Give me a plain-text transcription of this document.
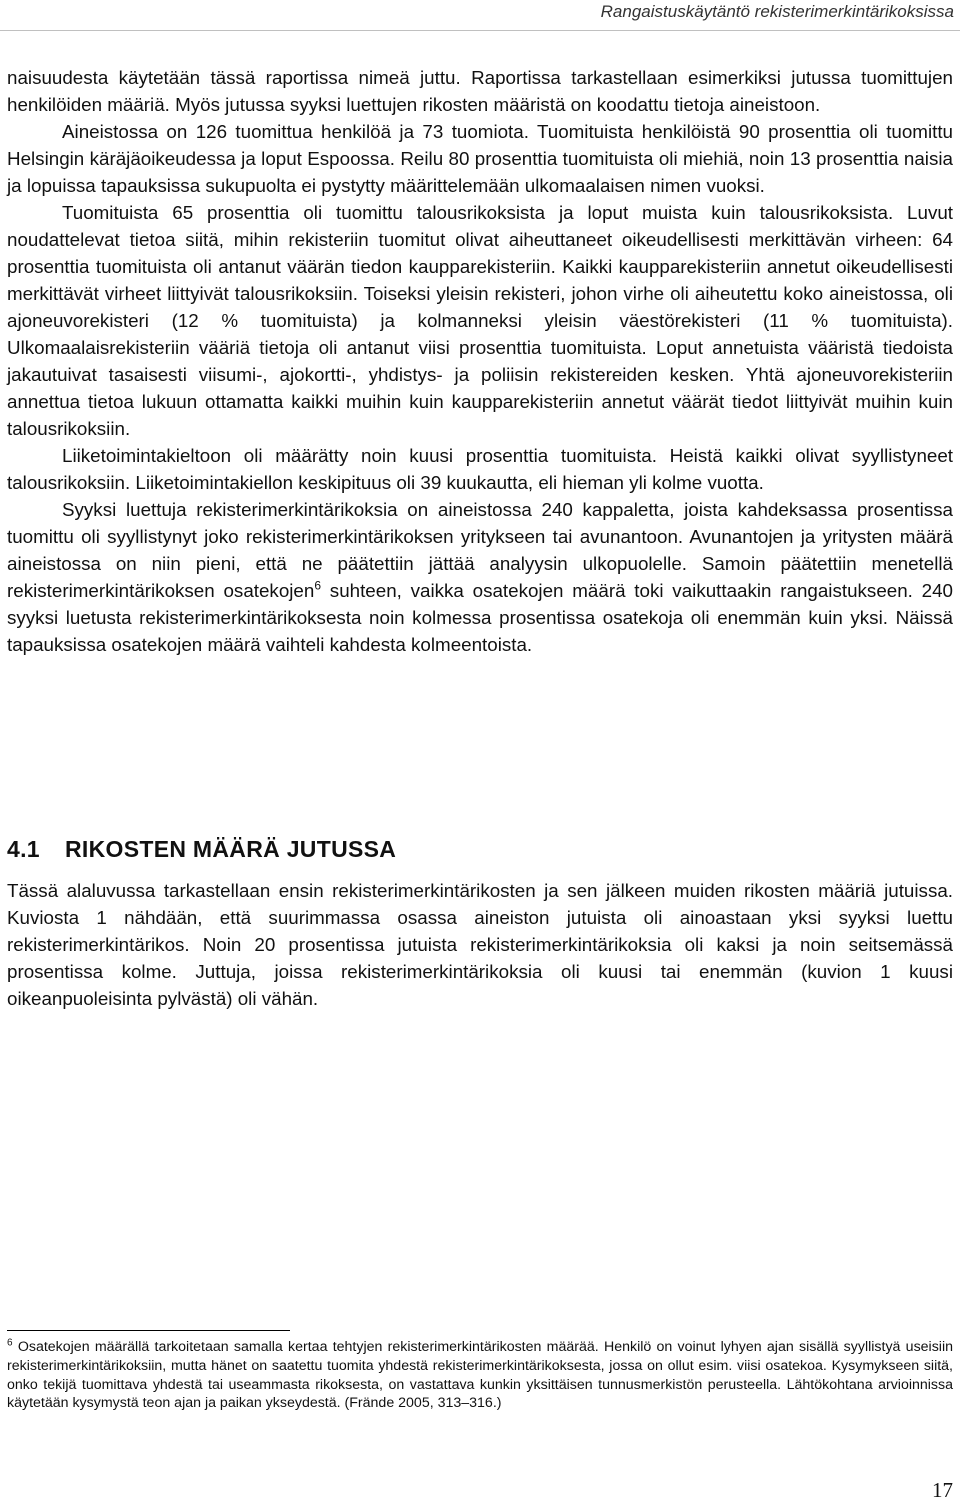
Rangaistuskäytäntö rekisterimerkintärikoksissa

naisuudesta käytetään tässä raportissa nimeä juttu. Raportissa tarkastellaan esimerkiksi jutussa tuomittujen henkilöiden määriä. Myös jutussa syyksi luettujen rikosten määristä on koodattu tietoja aineistoon.

Aineistossa on 126 tuomittua henkilöä ja 73 tuomiota. Tuomituista henkilöistä 90 prosenttia oli tuomittu Helsingin käräjäoikeudessa ja loput Espoossa. Reilu 80 prosenttia tuomituista oli miehiä, noin 13 prosenttia naisia ja lopuissa tapauksissa sukupuolta ei pystytty määrittelemään ulkomaalaisen nimen vuoksi.

Tuomituista 65 prosenttia oli tuomittu talousrikoksista ja loput muista kuin talousrikoksista. Luvut noudattelevat tietoa siitä, mihin rekisteriin tuomitut olivat aiheuttaneet oikeudellisesti merkittävän virheen: 64 prosenttia tuomituista oli antanut väärän tiedon kaupparekisteriin. Kaikki kaupparekisteriin annetut oikeudellisesti merkittävät virheet liittyivät talousrikoksiin. Toiseksi yleisin rekisteri, johon virhe oli aiheutettu koko aineistossa, oli ajoneuvorekisteri (12 % tuomituista) ja kolmanneksi yleisin väestörekisteri (11 % tuomituista). Ulkomaalaisrekisteriin vääriä tietoja oli antanut viisi prosenttia tuomituista. Loput annetuista vääristä tiedoista jakautuivat tasaisesti viisumi-, ajokortti-, yhdistys- ja poliisin rekistereiden kesken. Yhtä ajoneuvorekisteriin annettua tietoa lukuun ottamatta kaikki muihin kuin kaupparekisteriin annetut väärät tiedot liittyivät muihin kuin talousrikoksiin.

Liiketoimintakieltoon oli määrätty noin kuusi prosenttia tuomituista. Heistä kaikki olivat syyllistyneet talousrikoksiin. Liiketoimintakiellon keskipituus oli 39 kuukautta, eli hieman yli kolme vuotta.

Syyksi luettuja rekisterimerkintärikoksia on aineistossa 240 kappaletta, joista kahdeksassa prosentissa tuomittu oli syyllistynyt joko rekisterimerkintärikoksen yritykseen tai avunantoon. Avunantojen ja yritysten määrä aineistossa on niin pieni, että ne päätettiin jättää analyysin ulkopuolelle. Samoin päätettiin menetellä rekisterimerkintärikoksen osatekojen$^6$ suhteen, vaikka osatekojen määrä toki vaikuttaakin rangaistukseen. 240 syyksi luetusta rekisterimerkintärikoksesta noin kolmessa prosentissa osatekoja oli enemmän kuin yksi. Näissä tapauksissa osatekojen määrä vaihteli kahdesta kolmeentoista.

4.1 RIKOSTEN MÄÄRÄ JUTUSSA

Tässä alaluvussa tarkastellaan ensin rekisterimerkintärikosten ja sen jälkeen muiden rikosten määriä jutuissa. Kuviosta 1 nähdään, että suurimmassa osassa aineiston jutuista oli ainoastaan yksi syyksi luettu rekisterimerkintärikos. Noin 20 prosentissa jutuista rekisterimerkintärikoksia oli kaksi ja noin seitsemässä prosentissa kolme. Juttuja, joissa rekisterimerkintärikoksia oli kuusi tai enemmän (kuvion 1 kuusi oikeanpuoleisinta pylvästä) oli vähän.

$^6$ Osatekojen määrällä tarkoitetaan samalla kertaa tehtyjen rekisterimerkintärikosten määrää. Henkilö on voinut lyhyen ajan sisällä syyllistyä useisiin rekisterimerkintärikoksiin, mutta hänet on saatettu tuomita yhdestä rekisterimerkintärikoksesta, jossa on ollut esim. viisi osatekoa. Kysymykseen siitä, onko tekijä tuomittava yhdestä tai useammasta rikoksesta, on vastattava kunkin yksittäisen tunnusmerkistön perusteella. Lähtökohtana arvioinnissa käytetään kysymystä teon ajan ja paikan ykseydestä. (Frände 2005, 313–316.)

17
